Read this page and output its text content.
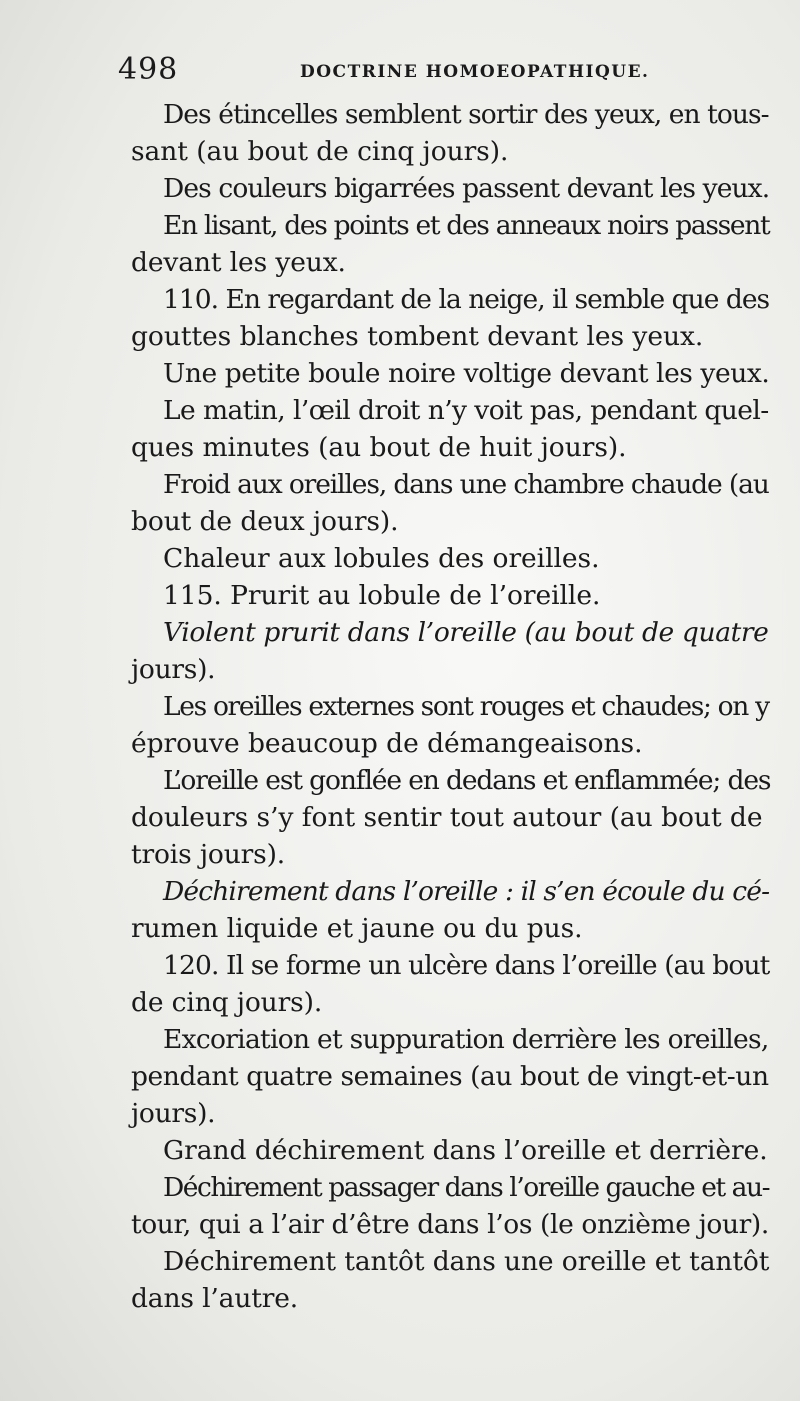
498	DOCTRINE HOMOEOPATHIQUE.
Des étincelles semblent sortir des yeux, en tous-
sant (au bout de cinq jours).
Des couleurs bigarrées passent devant les yeux.
En lisant, des points et des anneaux noirs passent
devant les yeux.
110. En regardant de la neige, il semble que des
gouttes blanches tombent devant les yeux.
Une petite boule noire voltige devant les yeux.
Le matin, l’œil droit n’y voit pas, pendant quel-
ques minutes (au bout de huit jours).
Froid aux oreilles, dans une chambre chaude (au
bout de deux jours).
Chaleur aux lobules des oreilles.
115. Prurit au lobule de l’oreille.
Violent prurit dans l’oreille (au bout de quatre
jours).
Les oreilles externes sont rouges et chaudes; on y
éprouve beaucoup de démangeaisons.
L’oreille est gonflée en dedans et enflammée; des
douleurs s’y font sentir tout autour (au bout de
trois jours).
Déchirement dans l’oreille : il s’en écoule du cé-
rumen liquide et jaune ou du pus.
120. Il se forme un ulcère dans l’oreille (au bout
de cinq jours).
Excoriation et suppuration derrière les oreilles,
pendant quatre semaines (au bout de vingt-et-un
jours).
Grand déchirement dans l’oreille et derrière.
Déchirement passager dans l’oreille gauche et au-
tour, qui a l’air d’être dans l’os (le onzième jour).
Déchirement tantôt dans une oreille et tantôt
dans l’autre.
